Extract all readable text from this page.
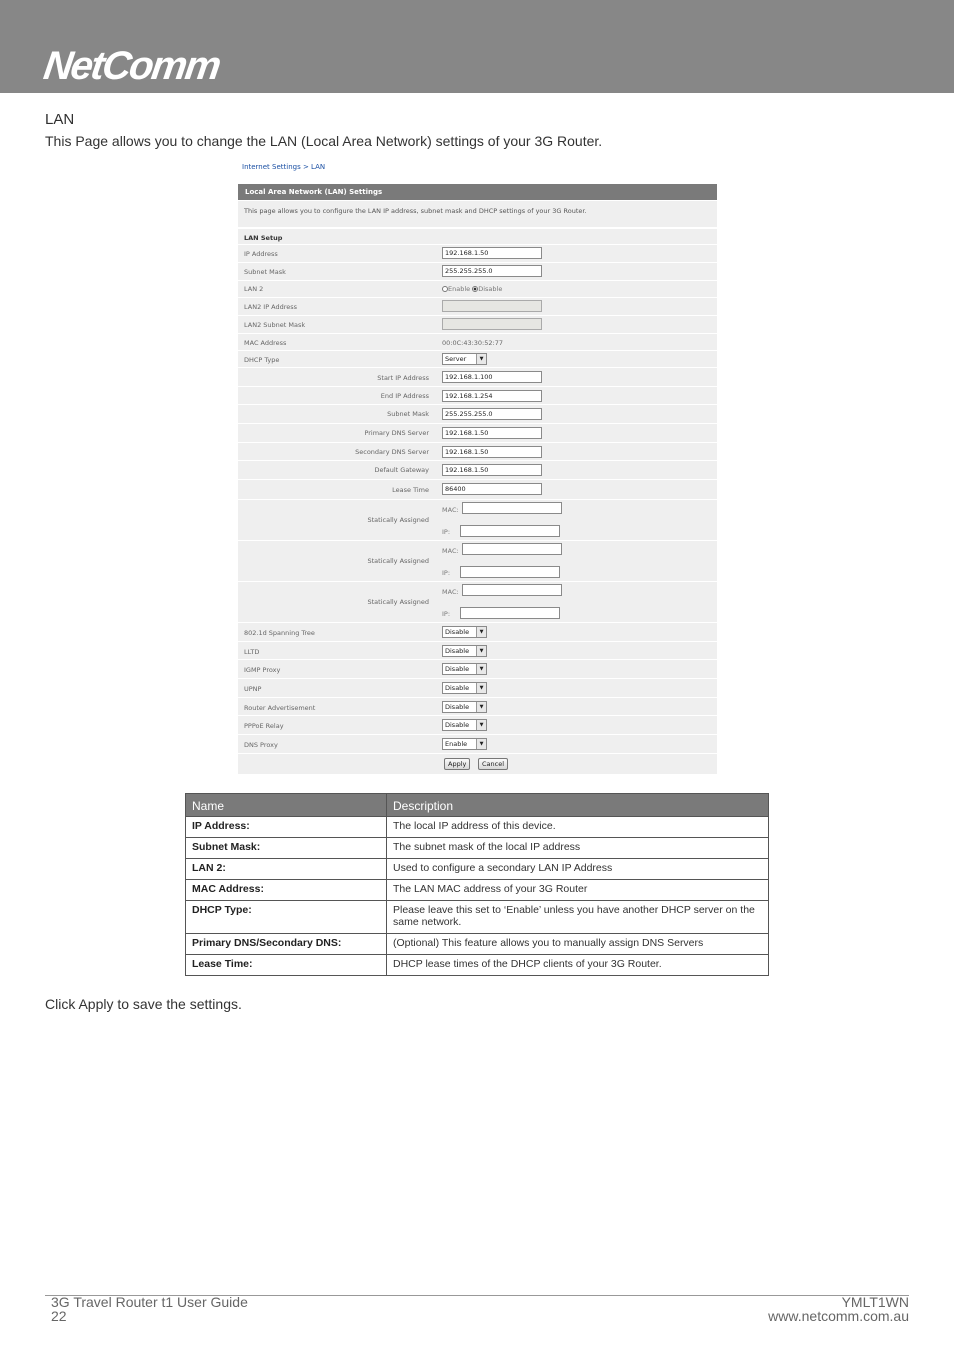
NetComm
LAN
This Page allows you to change the LAN (Local Area Network) settings of your 3G Router.
Internet Settings > LAN
Local Area Network (LAN) Settings
This page allows you to configure the LAN IP address, subnet mask and DHCP settings of your 3G Router.
LAN Setup
IP Address	192.168.1.50
Subnet Mask	255.255.255.0
LAN 2	Enable Disable
LAN2 IP Address
LAN2 Subnet Mask
MAC Address	00:0C:43:30:52:77
DHCP Type	Server	▼
Start IP Address	192.168.1.100
End IP Address	192.168.1.254
Subnet Mask	255.255.255.0
Primary DNS Server	192.168.1.50
Secondary DNS Server	192.168.1.50
Default Gateway	192.168.1.50
Lease Time	86400
Statically Assigned
MAC:
IP:
Statically Assigned
MAC:
IP:
Statically Assigned
MAC:
IP:
802.1d Spanning Tree	Disable	▼
LLTD	Disable	▼
IGMP Proxy	Disable	▼
UPNP	Disable	▼
Router Advertisement	Disable	▼
PPPoE Relay	Disable	▼
DNS Proxy	Enable	▼
Apply	Cancel
Name	Description
IP Address:	The local IP address of this device.
Subnet Mask:	The subnet mask of the local IP address
LAN 2:	Used to configure a secondary LAN IP Address
MAC Address:	The LAN MAC address of your 3G Router
DHCP Type:	Please leave this set to ‘Enable’ unless you have another DHCP server on the same network.
Primary DNS/Secondary DNS:	(Optional) This feature allows you to manually assign DNS Servers
Lease Time:	DHCP lease times of the DHCP clients of your 3G Router.
Click Apply to save the settings.
3G Travel Router t1 User Guide
22
YMLT1WN
www.netcomm.com.au
